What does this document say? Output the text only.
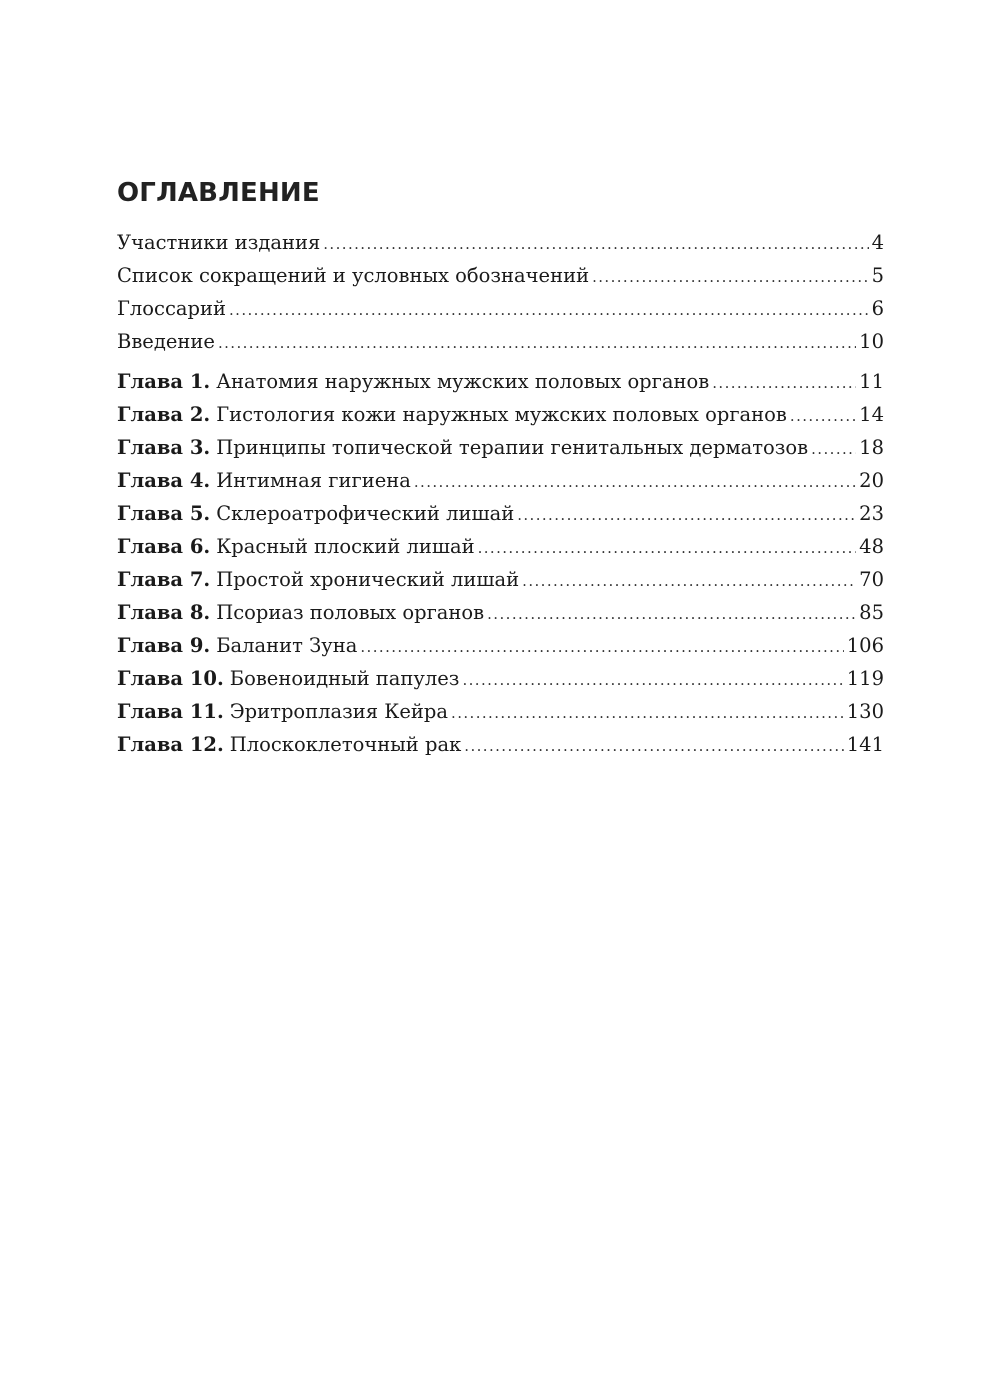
ОГЛАВЛЕНИЕ
Участники издания .....	4
Список сокращений и условных обозначений .....	5
Глоссарий .....	6
Введение .....	10
Глава 1. Анатомия наружных мужских половых органов .....	11
Глава 2. Гистология кожи наружных мужских половых органов .....	14
Глава 3. Принципы топической терапии генитальных дерматозов .....	18
Глава 4. Интимная гигиена .....	20
Глава 5. Склероатрофический лишай .....	23
Глава 6. Красный плоский лишай .....	48
Глава 7. Простой хронический лишай .....	70
Глава 8. Псориаз половых органов .....	85
Глава 9. Баланит Зуна .....	106
Глава 10. Бовеноидный папулез .....	119
Глава 11. Эритроплазия Кейра .....	130
Глава 12. Плоскоклеточный рак .....	141
